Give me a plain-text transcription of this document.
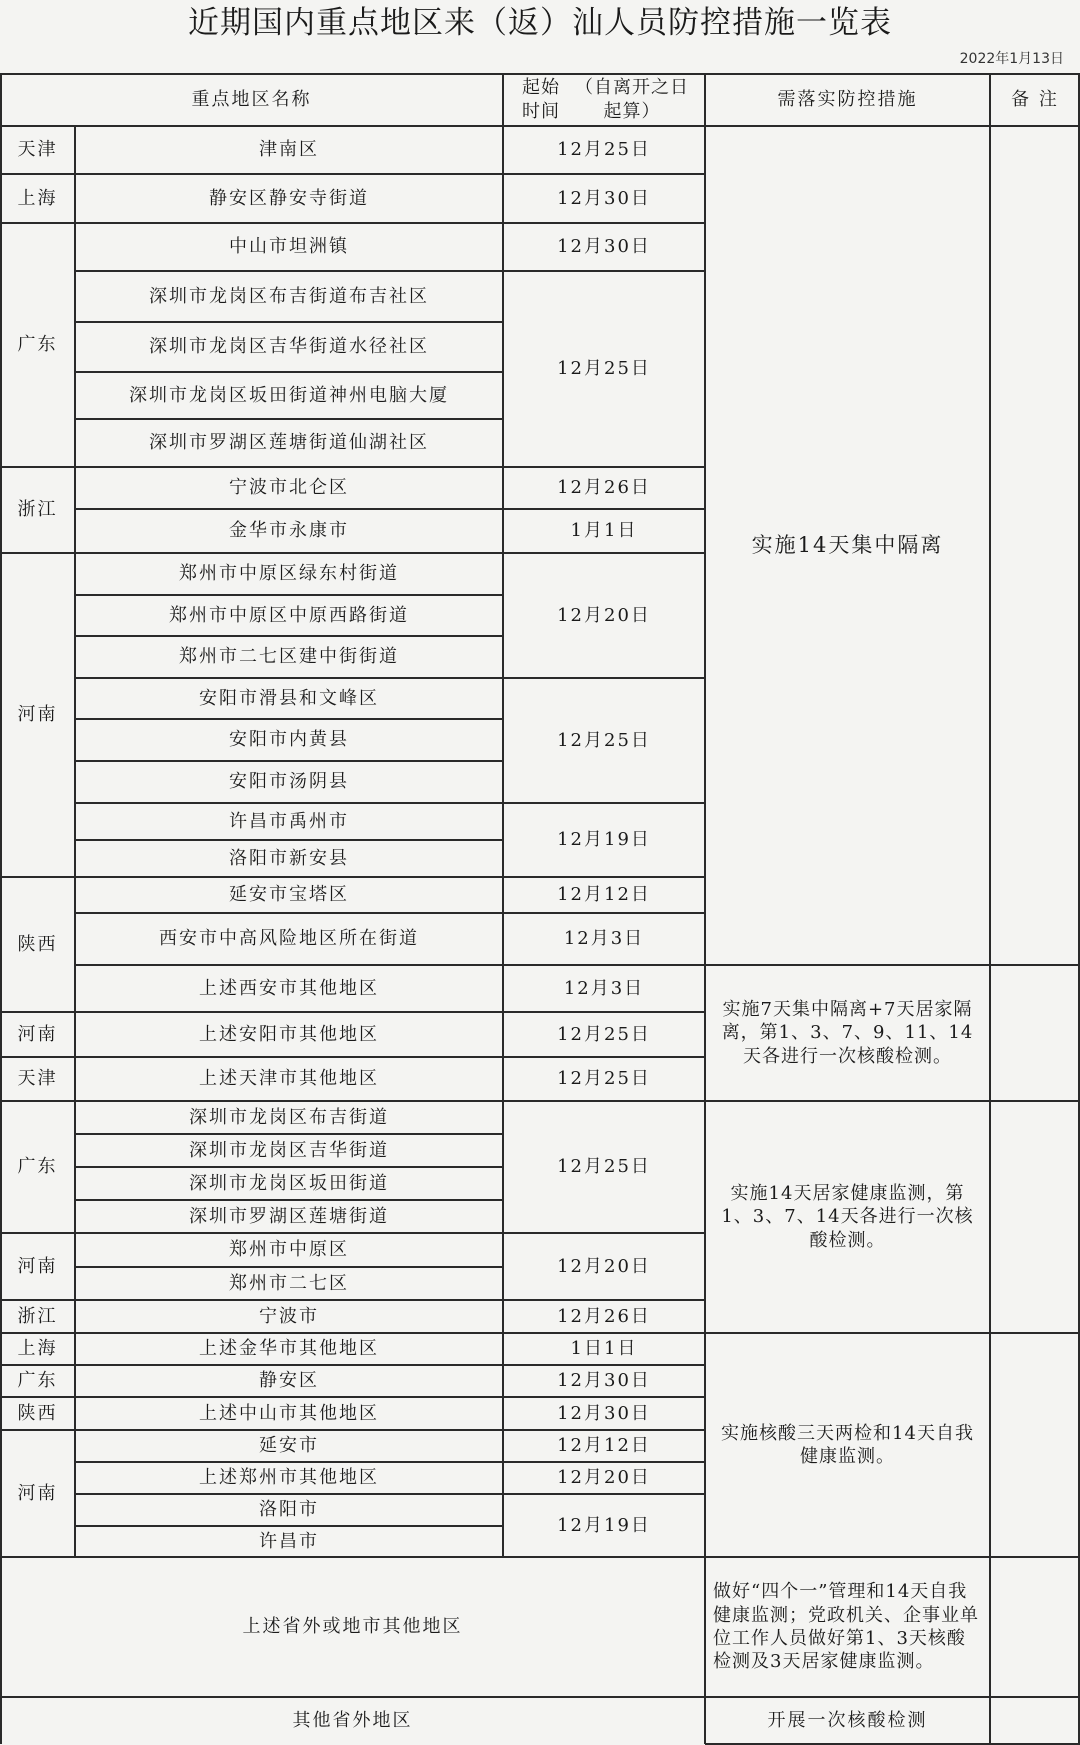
近期国内重点地区来（返）汕人员防控措施一览表
2022年1月13日
重点地区名称
起始时间

（自离开之日起算）
需落实防控措施	备 注
天津
上海
广东
浙江
河南
陕西
河南
天津
广东
河南
浙江
上海
广东
陕西
河南
津南区
静安区静安寺街道
中山市坦洲镇
深圳市龙岗区布吉街道布吉社区
深圳市龙岗区吉华街道水径社区
深圳市龙岗区坂田街道神州电脑大厦
深圳市罗湖区莲塘街道仙湖社区
宁波市北仑区
金华市永康市
郑州市中原区绿东村街道
郑州市中原区中原西路街道
郑州市二七区建中街街道
安阳市滑县和文峰区
安阳市内黄县
安阳市汤阴县
许昌市禹州市
洛阳市新安县
延安市宝塔区
西安市中高风险地区所在街道
上述西安市其他地区
上述安阳市其他地区
上述天津市其他地区
深圳市龙岗区布吉街道
深圳市龙岗区吉华街道
深圳市龙岗区坂田街道
深圳市罗湖区莲塘街道
郑州市中原区
郑州市二七区
宁波市
上述金华市其他地区
静安区
上述中山市其他地区
延安市
上述郑州市其他地区
洛阳市
许昌市
12月25日
12月30日
12月30日
12月25日
12月26日
1月1日
12月20日
12月25日
12月19日
12月12日
12月3日
12月3日
12月25日
12月25日
12月25日
12月20日
12月26日
1日1日
12月30日
12月30日
12月12日
12月20日
12月19日
实施14天 集中隔离
实施7天集中隔离+7天居家隔离，第1、3、7、9、11、14天各进行一次核酸检测。
实施14天居家健康监测，第1、3、7、14天各进行一次核酸检测。
实施核酸三天两检和14天自我健康监测。
做好“四个一”管理和14天自我健康监测；党政机关、企事业单位工作人员做好第1、3天核酸检测及3天居家健康监测。
开展一次核酸检测
上述省外或地市其他地区
其他省外地区
